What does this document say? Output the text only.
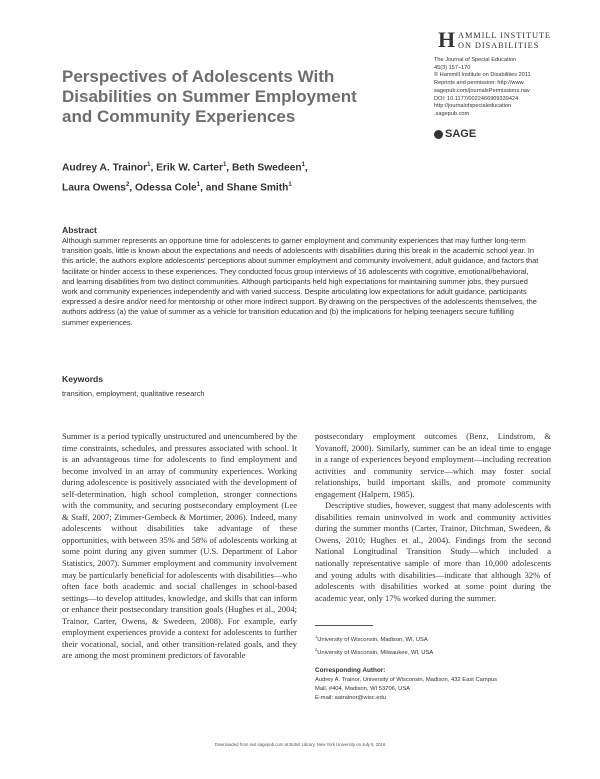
H AMMILL INSTITUTE
ON DISABILITIES
The Journal of Special Education
45(3) 157–170
© Hammill Institute on Disabilities 2011
Reprints and permission: http://www.
sagepub.com/journalsPermissions.nav
DOI: 10.1177/0022466909339424
http://journalofspecialeducation
.sagepub.com
SAGE
Perspectives of Adolescents With Disabilities on Summer Employment and Community Experiences
Audrey A. Trainor$^1$, Erik W. Carter$^1$, Beth Swedeen$^1$,
Laura Owens$^2$, Odessa Cole$^1$, and Shane Smith$^1$
Abstract
Although summer represents an opportune time for adolescents to garner employment and community experiences that may further long-term transition goals, little is known about the expectations and needs of adolescents with disabilities during this break in the academic school year. In this article, the authors explore adolescents' perceptions about summer employment and community involvement, adult guidance, and factors that facilitate or hinder access to these experiences. They conducted focus group interviews of 16 adolescents with cognitive, emotional/behavioral, and learning disabilities from two distinct communities. Although participants held high expectations for maintaining summer jobs, they pursued work and community experiences independently and with varied success. Despite articulating low expectations for adult guidance, participants expressed a desire and/or need for mentorship or other more indirect support. By drawing on the perspectives of the adolescents themselves, the authors address (a) the value of summer as a vehicle for transition education and (b) the implications for helping teenagers secure fulfilling summer experiences.
Keywords
transition, employment, qualitative research

Summer is a period typically unstructured and unencumbered by the time constraints, schedules, and pressures associated with school. It is an advantageous time for adolescents to find employment and become involved in an array of community experiences. Working during adolescence is positively associated with the development of self-determination, high school completion, stronger connections with the community, and securing postsecondary employment (Lee & Staff, 2007; Zimmer-Gembeck & Mortimer, 2006). Indeed, many adolescents without disabilities take advantage of these opportunities, with between 35% and 58% of adolescents working at some point during any given summer (U.S. Department of Labor Statistics, 2007). Summer employment and community involvement may be particularly beneficial for adolescents with disabilities—who often face both academic and social challenges in school-based settings—to develop attitudes, knowledge, and skills that can inform or enhance their postsecondary transition goals (Hughes et al., 2004; Trainor, Carter, Owens, & Swedeen, 2008). For example, early employment experiences provide a context for adolescents to further their vocational, social, and other transition-related goals, and they are among the most prominent predictors of favorable

postsecondary employment outcomes (Benz, Lindstrom, & Yovanoff, 2000). Similarly, summer can be an ideal time to engage in a range of experiences beyond employment—including recreation activities and community service—which may foster social relationships, build important skills, and promote community engagement (Halpern, 1985).

Descriptive studies, however, suggest that many adolescents with disabilities remain uninvolved in work and community activities during the summer months (Carter, Trainor, Ditchman, Swedeen, & Owens, 2010; Hughes et al., 2004). Findings from the second National Longitudinal Transition Study—which included a nationally representative sample of more than 10,000 adolescents and young adults with disabilities—indicate that although 32% of adolescents with disabilities worked at some point during the academic year, only 17% worked during the summer.

$^1$University of Wisconsin, Madison, WI, USA
$^2$University of Wisconsin, Milwaukee, WI, USA
Corresponding Author:
Audrey A. Trainor, University of Wisconsin, Madison, 432 East Campus
Mall, #404, Madison, WI 53706, USA
E-mail: aatrainor@wisc.edu
Downloaded from sed.sagepub.com at Bobst Library, New York University on July 5, 2016
